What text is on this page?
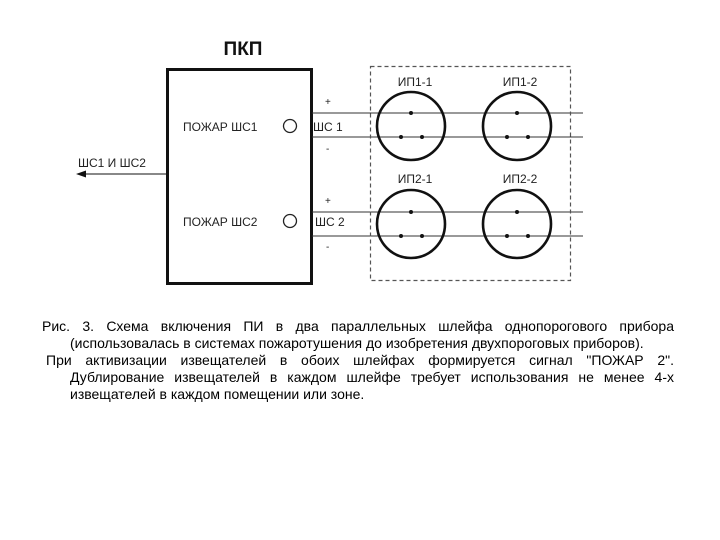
ПКП
ШС1 И ШС2
ПОЖАР ШС1	ШС 1
+
-
ПОЖАР ШС2	ШС 2
+
-
ИП1-1	ИП1-2
ИП2-1	ИП2-2

Рис. 3. Схема включения ПИ в два параллельных шлейфа однопорогового прибора (использовалась в системах пожаротушения до изобретения двухпороговых приборов).

При активизации извещателей в обоих шлейфах формируется сигнал "ПОЖАР 2". Дублирование извещателей в каждом шлейфе требует использования не менее 4-х извещателей в каждом помещении или зоне.
